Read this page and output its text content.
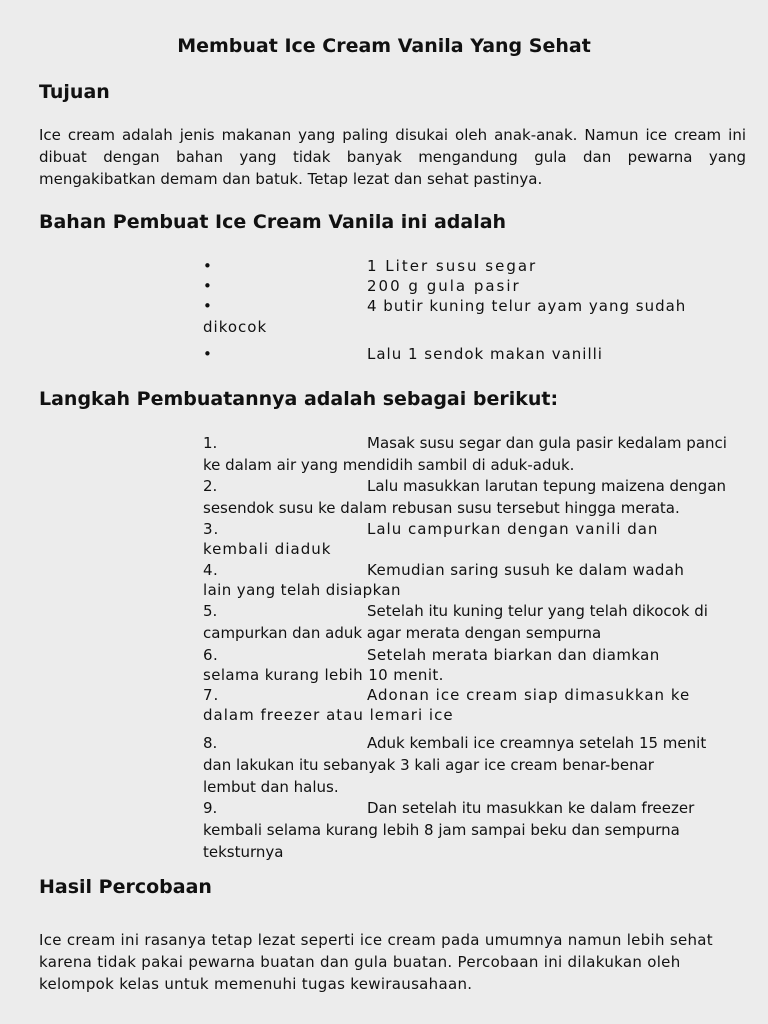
Membuat Ice Cream Vanila Yang Sehat
Tujuan
Ice cream adalah jenis makanan yang paling disukai oleh anak-anak. Namun ice cream ini dibuat dengan bahan yang tidak banyak mengandung gula dan pewarna yang mengakibatkan demam dan batuk. Tetap lezat dan sehat pastinya.
Bahan Pembuat Ice Cream Vanila ini adalah
•	1 Liter susu segar
•	200 g gula pasir
•	4 butir kuning telur ayam yang sudah
dikocok
•	Lalu 1 sendok makan vanilli
Langkah Pembuatannya adalah sebagai berikut:
1.	Masak susu segar dan gula pasir kedalam panci
ke dalam air yang mendidih sambil di aduk-aduk.
2.	Lalu masukkan larutan tepung maizena dengan
sesendok susu ke dalam rebusan susu tersebut hingga merata.
3.	Lalu campurkan dengan vanili dan
kembali diaduk
4.	Kemudian saring susuh ke dalam wadah
lain yang telah disiapkan
5.	Setelah itu kuning telur yang telah dikocok di
campurkan dan aduk agar merata dengan sempurna
6.	Setelah merata biarkan dan diamkan
selama kurang lebih 10 menit.
7.	Adonan ice cream siap dimasukkan ke
dalam freezer atau lemari ice
8.	Aduk kembali ice creamnya setelah 15 menit
dan lakukan itu sebanyak 3 kali agar ice cream benar-benar
lembut dan halus.
9.	Dan setelah itu masukkan ke dalam freezer
kembali selama kurang lebih 8 jam sampai beku dan sempurna
teksturnya
Hasil Percobaan
Ice cream ini rasanya tetap lezat seperti ice cream pada umumnya namun lebih sehat karena tidak pakai pewarna buatan dan gula buatan. Percobaan ini dilakukan oleh kelompok kelas untuk memenuhi tugas kewirausahaan.
